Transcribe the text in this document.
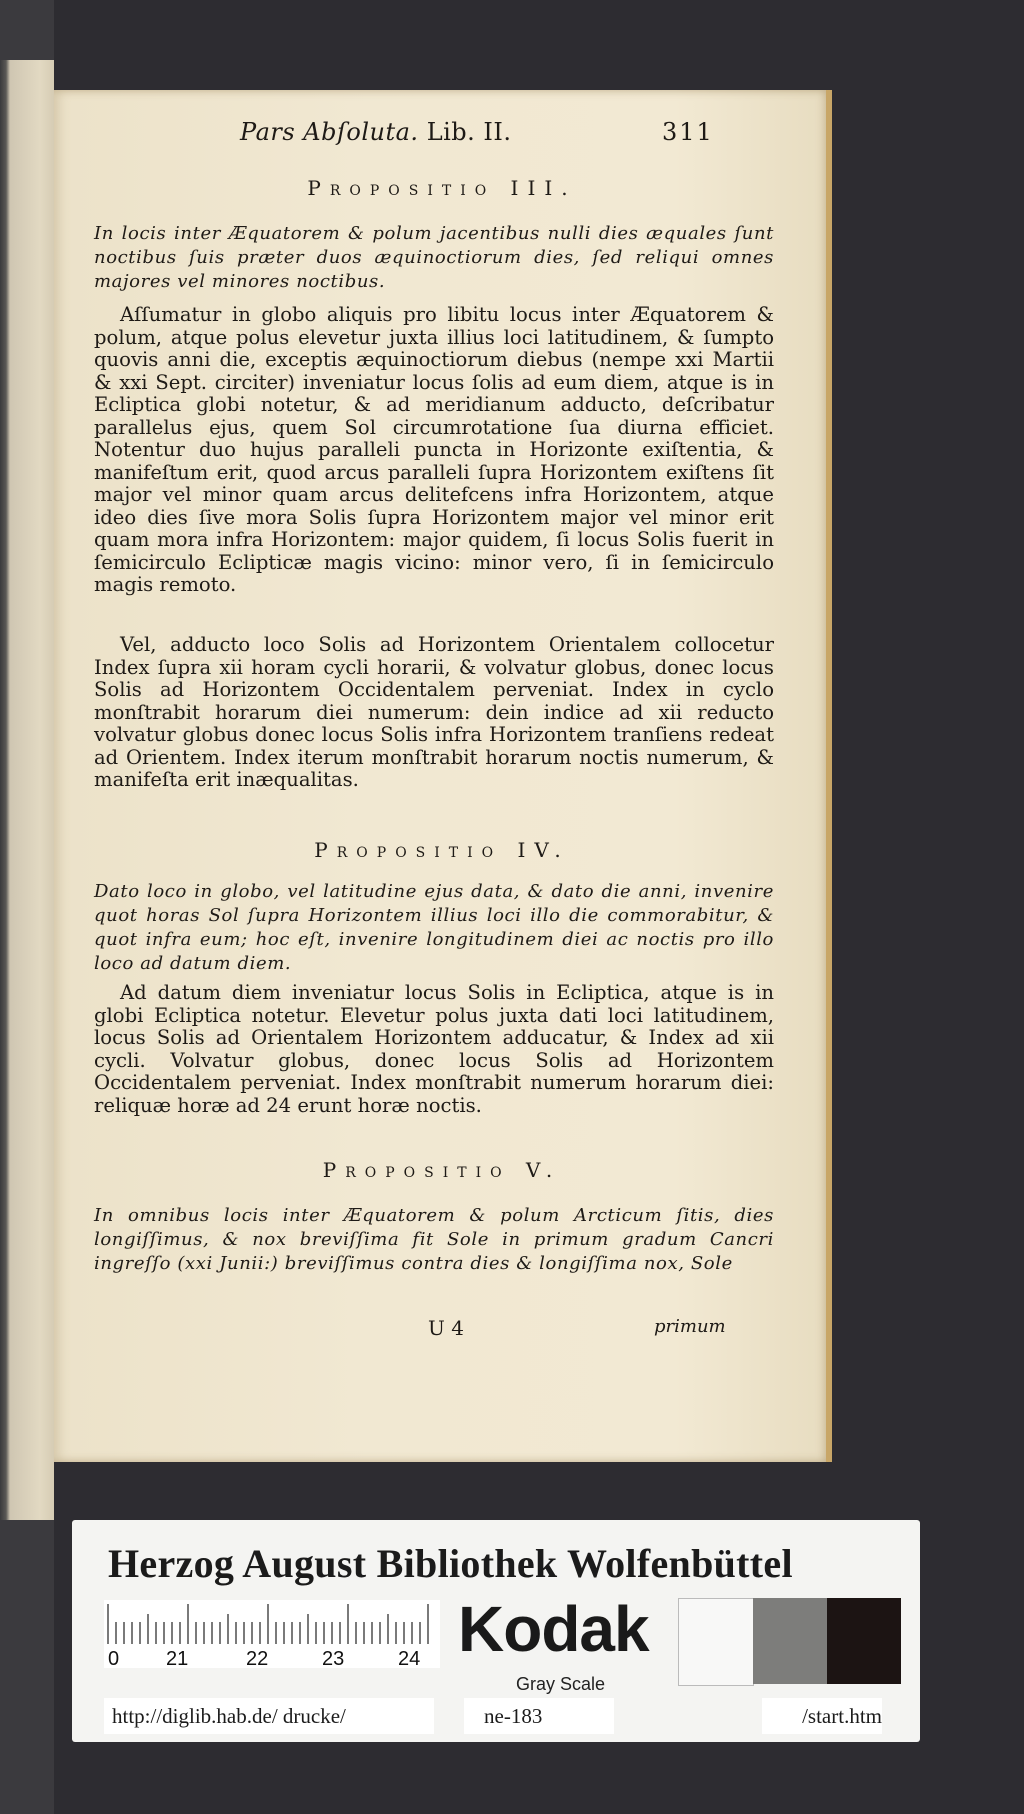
Pars Abſoluta. Lib. II.	311
Propositio III.
In locis inter Æquatorem & polum jacentibus nulli dies æquales ſunt noctibus ſuis præter duos æquinoctiorum dies, ſed reliqui omnes majores vel minores noctibus.
Aſſumatur in globo aliquis pro libitu locus inter Æquatorem & polum, atque polus elevetur juxta illius loci latitudinem, & ſumpto quovis anni die, exceptis æquinoctiorum diebus (nempe xxi Martii & xxi Sept. circiter) inveniatur locus ſolis ad eum diem, atque is in Ecliptica globi notetur, & ad meridianum adducto, deſcribatur parallelus ejus, quem Sol circumrotatione ſua diurna efficiet. Notentur duo hujus paralleli puncta in Horizonte exiſtentia, & manifeſtum erit, quod arcus paralleli ſupra Horizontem exiſtens ſit major vel minor quam arcus delitefcens infra Horizontem, atque ideo dies ſive mora Solis ſupra Horizontem major vel minor erit quam mora infra Horizontem: major quidem, ſi locus Solis fuerit in ſemicirculo Eclipticæ magis vicino: minor vero, ſi in ſemicirculo magis remoto.
Vel, adducto loco Solis ad Horizontem Orientalem collocetur Index ſupra xii horam cycli horarii, & volvatur globus, donec locus Solis ad Horizontem Occidentalem perveniat. Index in cyclo monſtrabit horarum diei numerum: dein indice ad xii reducto volvatur globus donec locus Solis infra Horizontem tranſiens redeat ad Orientem. Index iterum monſtrabit horarum noctis numerum, & manifeſta erit inæqualitas.
Propositio IV.
Dato loco in globo, vel latitudine ejus data, & dato die anni, invenire quot horas Sol ſupra Horizontem illius loci illo die commorabitur, & quot infra eum; hoc eſt, invenire longitudinem diei ac noctis pro illo loco ad datum diem.
Ad datum diem inveniatur locus Solis in Ecliptica, atque is in globi Ecliptica notetur. Elevetur polus juxta dati loci latitudinem, locus Solis ad Orientalem Horizontem adducatur, & Index ad xii cycli. Volvatur globus, donec locus Solis ad Horizontem Occidentalem perveniat. Index monſtrabit numerum horarum diei: reliquæ horæ ad 24 erunt horæ noctis.
Propositio V.
In omnibus locis inter Æquatorem & polum Arcticum ſitis, dies longiſſimus, & nox breviſſima fit Sole in primum gradum Cancri ingreſſo (xxi Junii:) breviſſimus contra dies & longiſſima nox, Sole
U 4	primum
Herzog August Bibliothek Wolfenbüttel
0 21	22	23	24 Kodak
Gray Scale
http://diglib.hab.de/ drucke/	ne-183	/start.htm
